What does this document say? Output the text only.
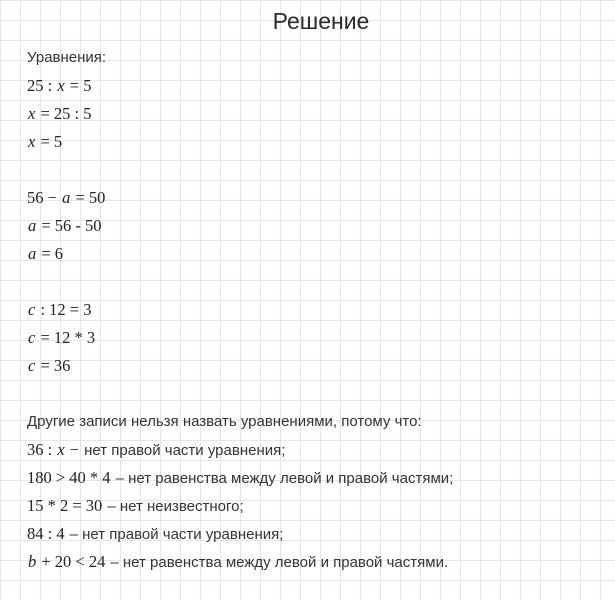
Решение

Уравнения:

25 : x = 5

x = 25 : 5

x = 5

56 − a = 50

a = 56 - 50

a = 6

c : 12 = 3

c = 12 * 3

c = 36

Другие записи нельзя назвать уравнениями, потому что:

36 : x − нет правой части уравнения;

180 > 40 * 4 – нет равенства между левой и правой частями;

15 * 2 = 30 – нет неизвестного;

84 : 4 – нет правой части уравнения;

b + 20 < 24 – нет равенства между левой и правой частями.
